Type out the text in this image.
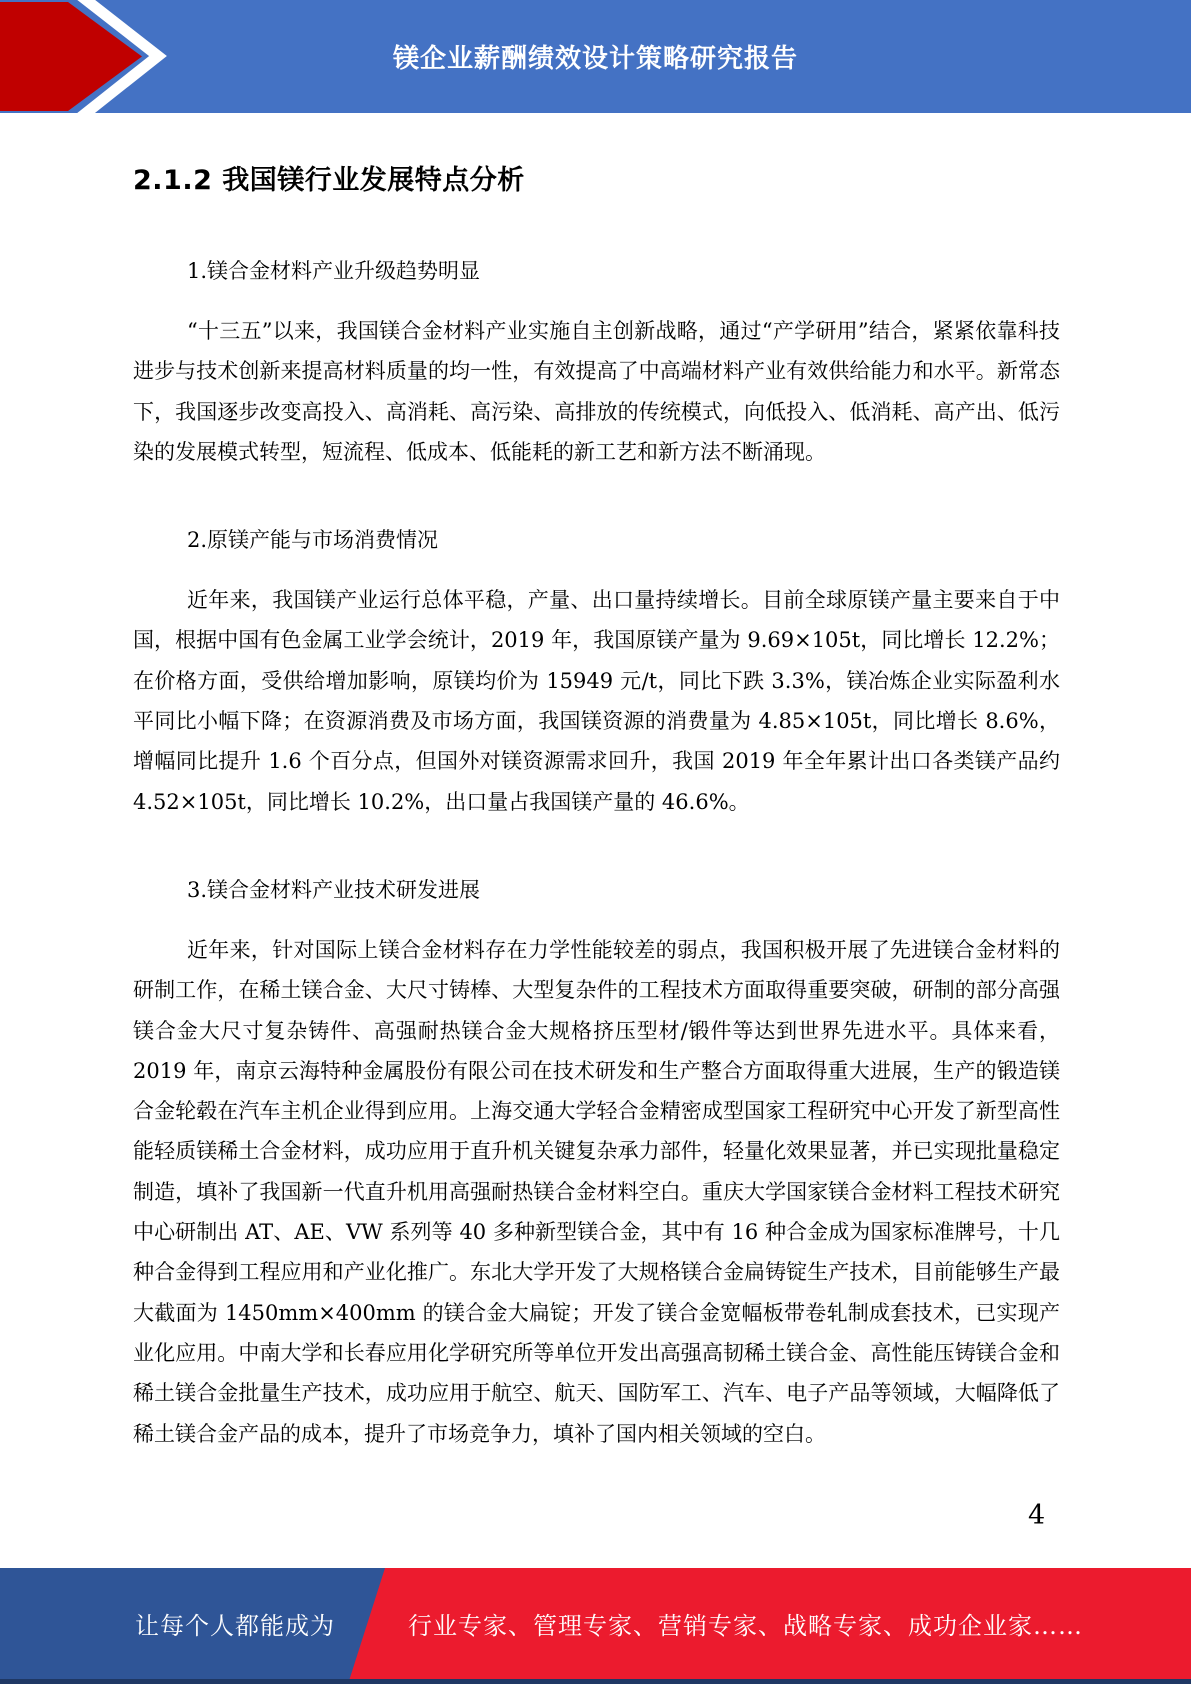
镁企业薪酬绩效设计策略研究报告
2.1.2 我国镁行业发展特点分析

1.镁合金材料产业升级趋势明显

“十三五”以来，我国镁合金材料产业实施自主创新战略，通过“产学研用”结合，紧紧依靠科技进步与技术创新来提高材料质量的均一性，有效提高了中高端材料产业有效供给能力和水平。新常态下，我国逐步改变高投入、高消耗、高污染、高排放的传统模式，向低投入、低消耗、高产出、低污染的发展模式转型，短流程、低成本、低能耗的新工艺和新方法不断涌现。

2.原镁产能与市场消费情况

近年来，我国镁产业运行总体平稳，产量、出口量持续增长。目前全球原镁产量主要来自于中国，根据中国有色金属工业学会统计，2019 年，我国原镁产量为 9.69×105t，同比增长 12.2%；在价格方面，受供给增加影响，原镁均价为 15949 元/t，同比下跌 3.3%，镁冶炼企业实际盈利水平同比小幅下降；在资源消费及市场方面，我国镁资源的消费量为 4.85×105t，同比增长 8.6%，增幅同比提升 1.6 个百分点，但国外对镁资源需求回升，我国 2019 年全年累计出口各类镁产品约 4.52×105t，同比增长 10.2%，出口量占我国镁产量的 46.6%。

3.镁合金材料产业技术研发进展

近年来，针对国际上镁合金材料存在力学性能较差的弱点，我国积极开展了先进镁合金材料的研制工作，在稀土镁合金、大尺寸铸棒、大型复杂件的工程技术方面取得重要突破，研制的部分高强镁合金大尺寸复杂铸件、高强耐热镁合金大规格挤压型材/锻件等达到世界先进水平。具体来看，2019 年，南京云海特种金属股份有限公司在技术研发和生产整合方面取得重大进展，生产的锻造镁合金轮毂在汽车主机企业得到应用。上海交通大学轻合金精密成型国家工程研究中心开发了新型高性能轻质镁稀土合金材料，成功应用于直升机关键复杂承力部件，轻量化效果显著，并已实现批量稳定制造，填补了我国新一代直升机用高强耐热镁合金材料空白。重庆大学国家镁合金材料工程技术研究中心研制出 AT、AE、VW 系列等 40 多种新型镁合金，其中有 16 种合金成为国家标准牌号，十几种合金得到工程应用和产业化推广。东北大学开发了大规格镁合金扁铸锭生产技术，目前能够生产最大截面为 1450mm×400mm 的镁合金大扁锭；开发了镁合金宽幅板带卷轧制成套技术，已实现产业化应用。中南大学和长春应用化学研究所等单位开发出高强高韧稀土镁合金、高性能压铸镁合金和稀土镁合金批量生产技术，成功应用于航空、航天、国防军工、汽车、电子产品等领域，大幅降低了稀土镁合金产品的成本，提升了市场竞争力，填补了国内相关领域的空白。

4
让每个人都能成为	行业专家、管理专家、营销专家、战略专家、成功企业家……
